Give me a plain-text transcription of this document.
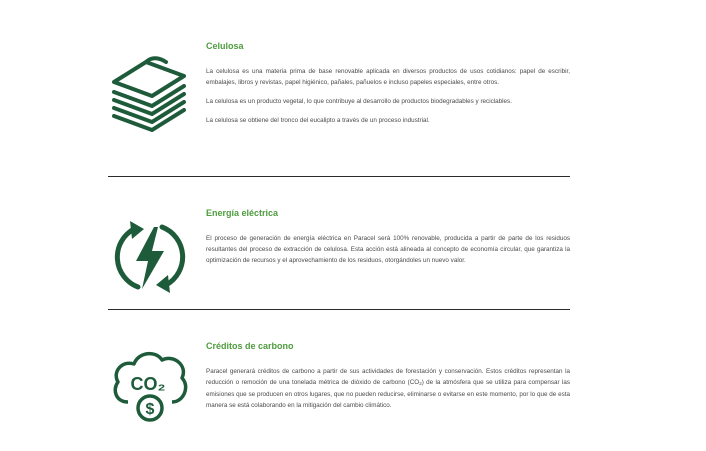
Celulosa

La celulosa es una materia prima de base renovable aplicada en diversos productos de usos cotidianos: papel de escribir, embalajes, libros y revistas, papel higiénico, pañales, pañuelos e incluso papeles especiales, entre otros.

La celulosa es un producto vegetal, lo que contribuye al desarrollo de productos biodegradables y reciclables.

La celulosa se obtiene del tronco del eucalipto a través de un proceso industrial.

Energía eléctrica

El proceso de generación de energía eléctrica en Paracel será 100% renovable, producida a partir de parte de los residuos resultantes del proceso de extracción de celulosa. Esta acción está alineada al concepto de economía circular, que garantiza la optimización de recursos y el aprovechamiento de los residuos, otorgándoles un nuevo valor.

CO₂
$
Créditos de carbono

Paracel generará créditos de carbono a partir de sus actividades de forestación y conservación. Estos créditos representan la reducción o remoción de una tonelada métrica de dióxido de carbono $(CO_2)$ de la atmósfera que se utiliza para compensar las emisiones que se producen en otros lugares, que no pueden reducirse, eliminarse o evitarse en este momento, por lo que de esta manera se está colaborando en la mitigación del cambio climático.
